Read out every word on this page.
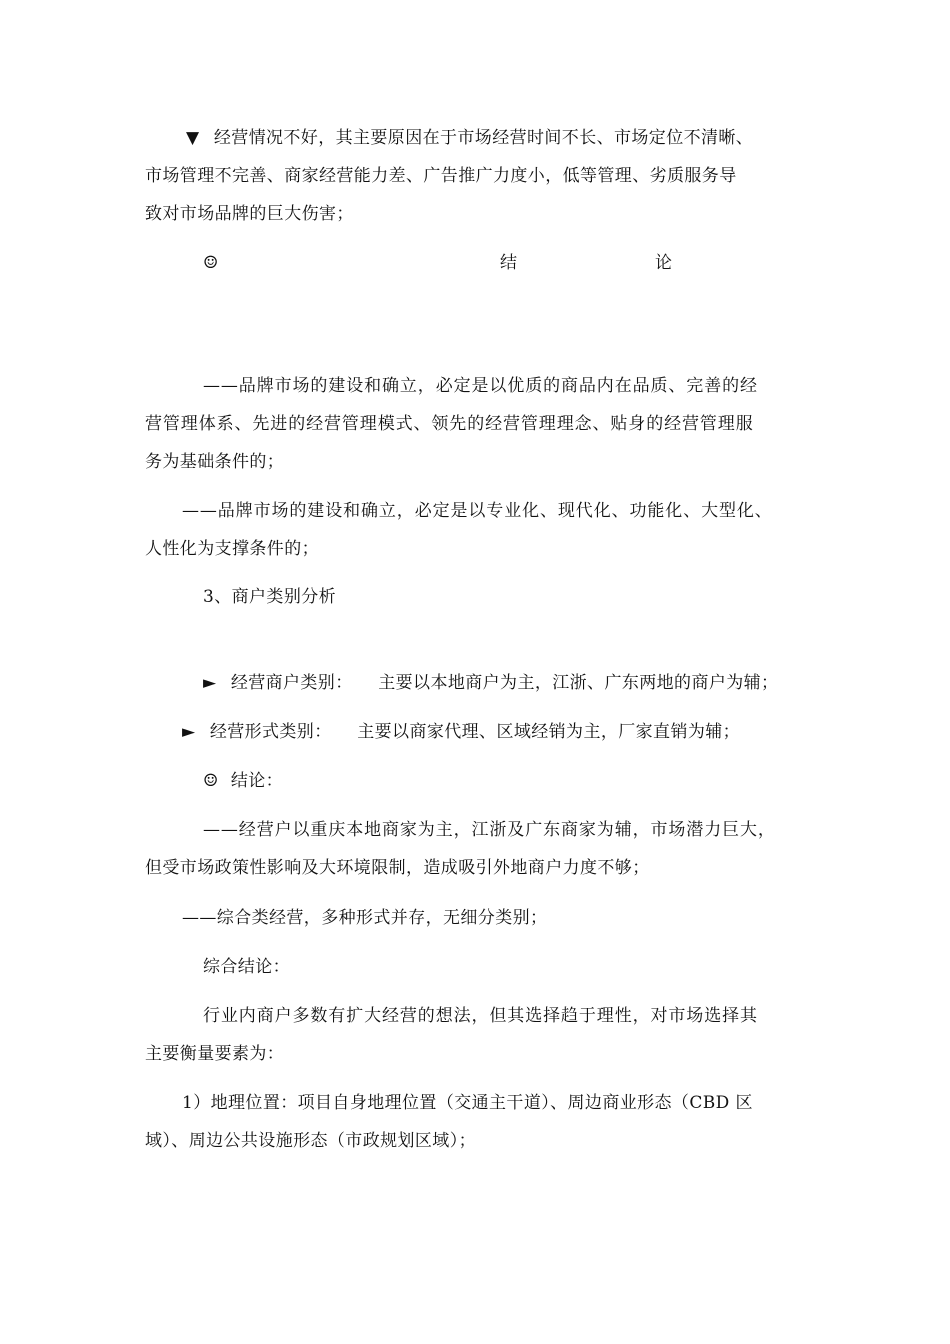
▼ 经营情况不好，其主要原因在于市场经营时间不长、市场定位不清晰、
市场管理不完善、商家经营能力差、广告推广力度小，低等管理、劣质服务导
致对市场品牌的巨大伤害；
☺	结	论
——品牌市场的建设和确立，必定是以优质的商品内在品质、完善的经
营管理体系、先进的经营管理模式、领先的经营管理理念、贴身的经营管理服
务为基础条件的；
——品牌市场的建设和确立，必定是以专业化、现代化、功能化、大型化、
人性化为支撑条件的；
3、商户类别分析
► 经营商户类别： 主要以本地商户为主，江浙、广东两地的商户为辅；
► 经营形式类别： 主要以商家代理、区域经销为主，厂家直销为辅；
☺ 结论：
——经营户以重庆本地商家为主，江浙及广东商家为辅，市场潜力巨大，
但受市场政策性影响及大环境限制，造成吸引外地商户力度不够；
——综合类经营，多种形式并存，无细分类别；
综合结论：
行业内商户多数有扩大经营的想法，但其选择趋于理性，对市场选择其
主要衡量要素为：
1）地理位置：项目自身地理位置（交通主干道）、周边商业形态（CBD 区
域）、周边公共设施形态（市政规划区域）；
